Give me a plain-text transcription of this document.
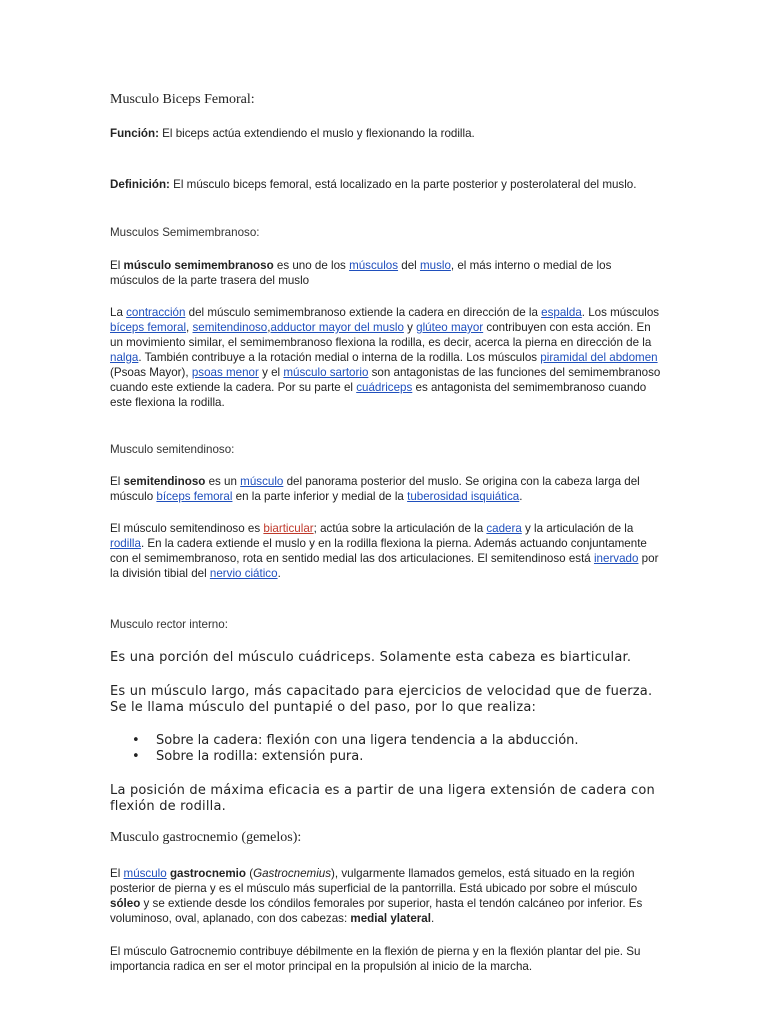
Musculo Biceps Femoral:

Función: El biceps actúa extendiendo el muslo y flexionando la rodilla.

Definición: El músculo biceps femoral, está localizado en la parte posterior y posterolateral del muslo.

Musculos Semimembranoso:

El músculo semimembranoso es uno de los músculos del muslo, el más interno o medial de los músculos de la parte trasera del muslo

La contracción del músculo semimembranoso extiende la cadera en dirección de la espalda. Los músculos bíceps femoral, semitendinoso,adductor mayor del muslo y glúteo mayor contribuyen con esta acción. En un movimiento similar, el semimembranoso flexiona la rodilla, es decir, acerca la pierna en dirección de la nalga. También contribuye a la rotación medial o interna de la rodilla. Los músculos piramidal del abdomen (Psoas Mayor), psoas menor y el músculo sartorio son antagonistas de las funciones del semimembranoso cuando este extiende la cadera. Por su parte el cuádriceps es antagonista del semimembranoso cuando este flexiona la rodilla.

Musculo semitendinoso:

El semitendinoso es un músculo del panorama posterior del muslo. Se origina con la cabeza larga del músculo bíceps femoral en la parte inferior y medial de la tuberosidad isquiática.

El músculo semitendinoso es biarticular; actúa sobre la articulación de la cadera y la articulación de la rodilla. En la cadera extiende el muslo y en la rodilla flexiona la pierna. Además actuando conjuntamente con el semimembranoso, rota en sentido medial las dos articulaciones. El semitendinoso está inervado por la división tibial del nervio ciático.

Musculo rector interno:

Es una porción del músculo cuádriceps. Solamente esta cabeza es biarticular.

Es un músculo largo, más capacitado para ejercicios de velocidad que de fuerza. Se le llama músculo del puntapié o del paso, por lo que realiza:

• Sobre la cadera: flexión con una ligera tendencia a la abducción.
• Sobre la rodilla: extensión pura.

La posición de máxima eficacia es a partir de una ligera extensión de cadera con flexión de rodilla.

Musculo gastrocnemio (gemelos):

El músculo gastrocnemio (Gastrocnemius), vulgarmente llamados gemelos, está situado en la región posterior de pierna y es el músculo más superficial de la pantorrilla. Está ubicado por sobre el músculo sóleo y se extiende desde los cóndilos femorales por superior, hasta el tendón calcáneo por inferior. Es voluminoso, oval, aplanado, con dos cabezas: medial ylateral.

El músculo Gatrocnemio contribuye débilmente en la flexión de pierna y en la flexión plantar del pie. Su importancia radica en ser el motor principal en la propulsión al inicio de la marcha.
